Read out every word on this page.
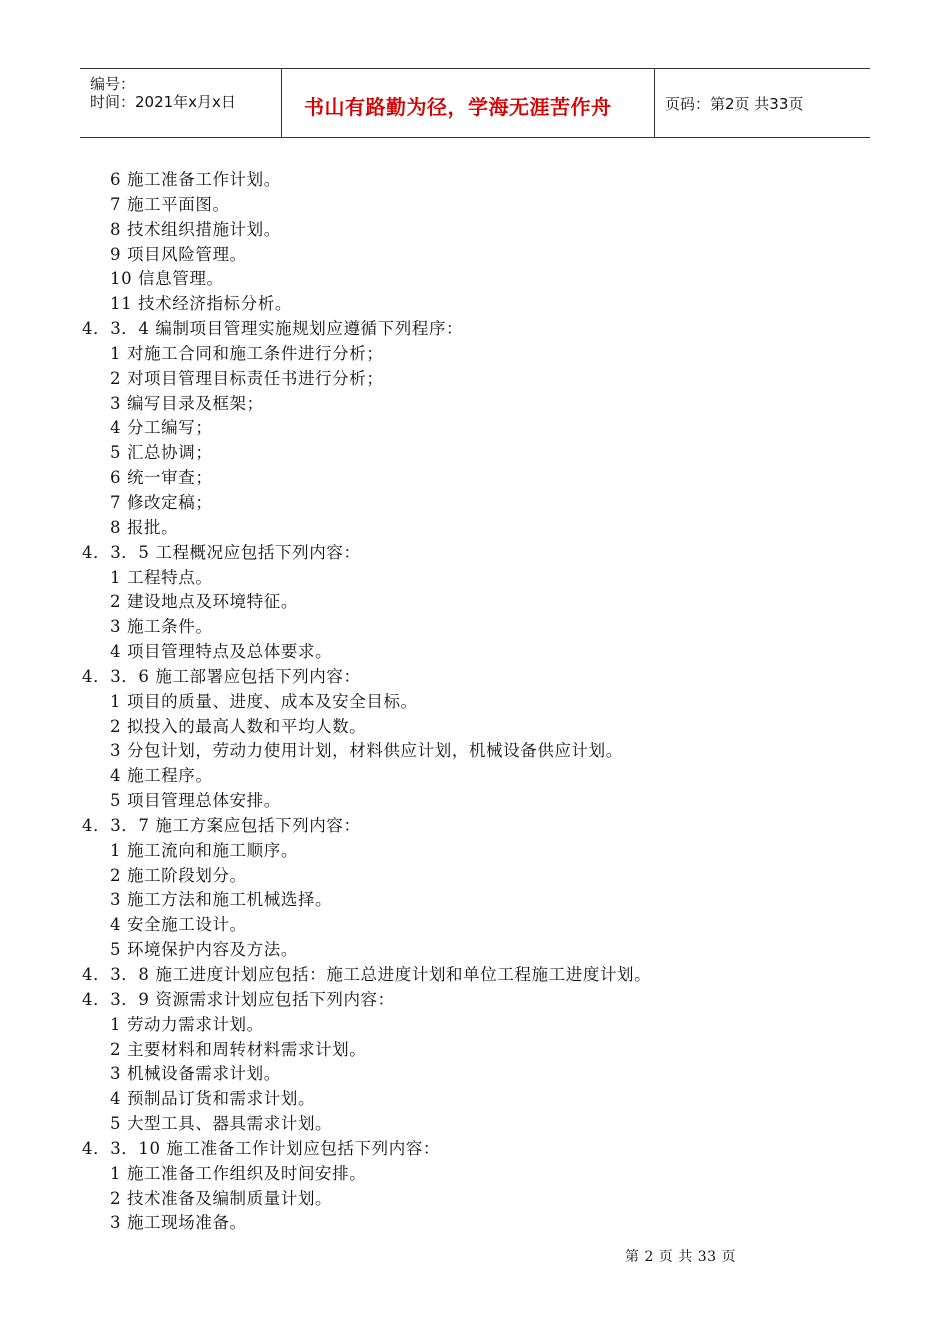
编号：
时间：2021年x月x日	书山有路勤为径，学海无涯苦作舟	页码：第2页 共33页
6 施工准备工作计划。
7 施工平面图。
8 技术组织措施计划。
9 项目风险管理。
10 信息管理。
11 技术经济指标分析。
4．3．4 编制项目管理实施规划应遵循下列程序：
1 对施工合同和施工条件进行分析；
2 对项目管理目标责任书进行分析；
3 编写目录及框架；
4 分工编写；
5 汇总协调；
6 统一审查；
7 修改定稿；
8 报批。
4．3．5 工程概况应包括下列内容：
1 工程特点。
2 建设地点及环境特征。
3 施工条件。
4 项目管理特点及总体要求。
4．3．6 施工部署应包括下列内容：
1 项目的质量、进度、成本及安全目标。
2 拟投入的最高人数和平均人数。
3 分包计划，劳动力使用计划，材料供应计划，机械设备供应计划。
4 施工程序。
5 项目管理总体安排。
4．3．7 施工方案应包括下列内容：
1 施工流向和施工顺序。
2 施工阶段划分。
3 施工方法和施工机械选择。
4 安全施工设计。
5 环境保护内容及方法。
4．3．8 施工进度计划应包括：施工总进度计划和单位工程施工进度计划。
4．3．9 资源需求计划应包括下列内容：
1 劳动力需求计划。
2 主要材料和周转材料需求计划。
3 机械设备需求计划。
4 预制品订货和需求计划。
5 大型工具、器具需求计划。
4．3．10 施工准备工作计划应包括下列内容：
1 施工准备工作组织及时间安排。
2 技术准备及编制质量计划。
3 施工现场准备。
第 2 页 共 33 页
